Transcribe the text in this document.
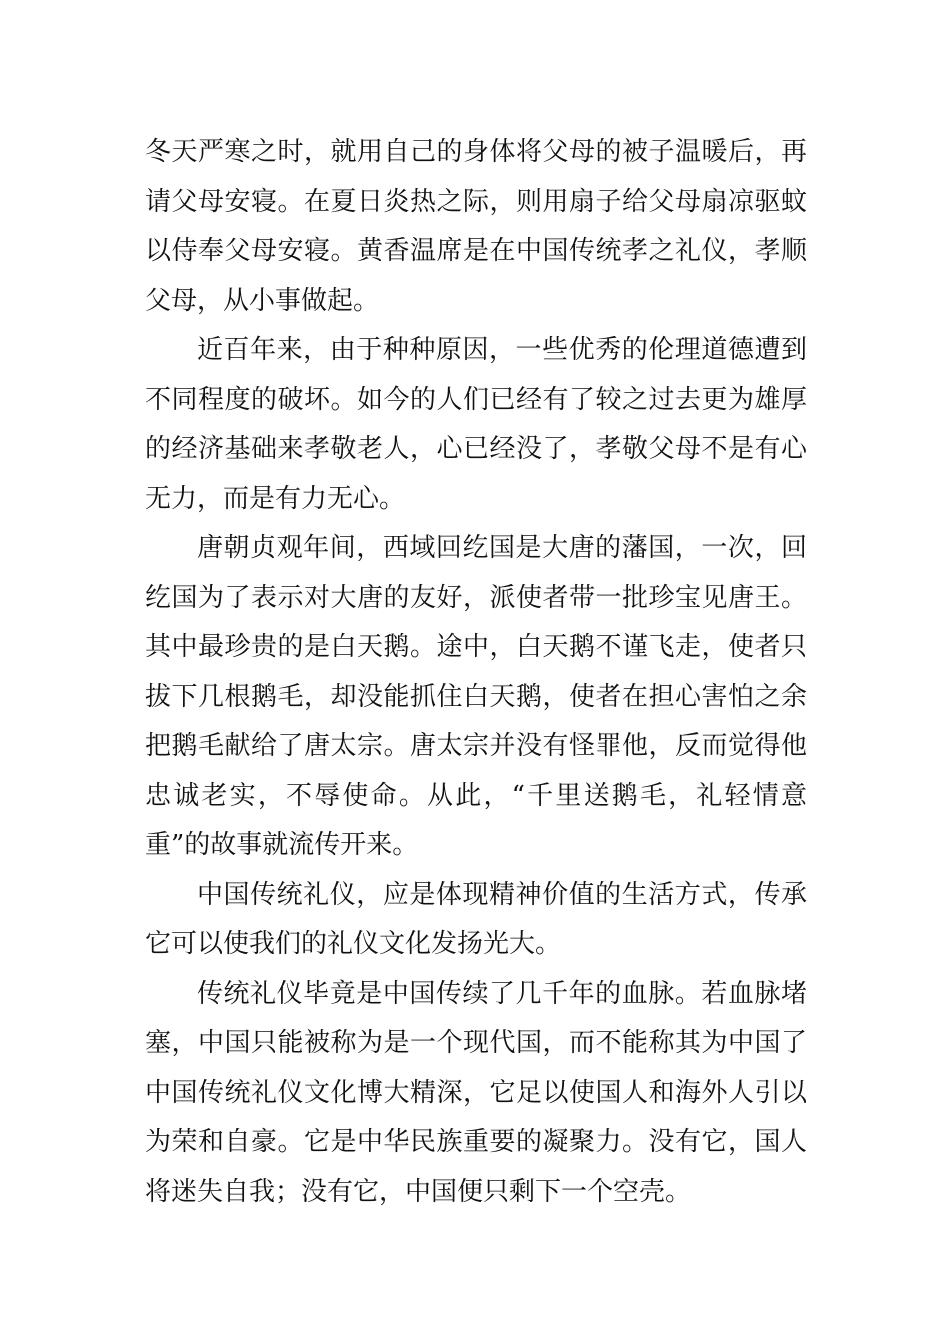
冬天严寒之时，就用自己的身体将父母的被子温暖后，再
请父母安寝。在夏日炎热之际，则用扇子给父母扇凉驱蚊
以侍奉父母安寝。黄香温席是在中国传统孝之礼仪，孝顺
父母，从小事做起。
近百年来，由于种种原因，一些优秀的伦理道德遭到
不同程度的破坏。如今的人们已经有了较之过去更为雄厚
的经济基础来孝敬老人，心已经没了，孝敬父母不是有心
无力，而是有力无心。
唐朝贞观年间，西域回纥国是大唐的藩国，一次，回
纥国为了表示对大唐的友好，派使者带一批珍宝见唐王。
其中最珍贵的是白天鹅。途中，白天鹅不谨飞走，使者只
拔下几根鹅毛，却没能抓住白天鹅，使者在担心害怕之余
把鹅毛献给了唐太宗。唐太宗并没有怪罪他，反而觉得他
忠诚老实，不辱使命。从此，“千里送鹅毛，礼轻情意
重”的故事就流传开来。
中国传统礼仪，应是体现精神价值的生活方式，传承
它可以使我们的礼仪文化发扬光大。
传统礼仪毕竟是中国传续了几千年的血脉。若血脉堵
塞，中国只能被称为是一个现代国，而不能称其为中国了
中国传统礼仪文化博大精深，它足以使国人和海外人引以
为荣和自豪。它是中华民族重要的凝聚力。没有它，国人
将迷失自我；没有它，中国便只剩下一个空壳。
